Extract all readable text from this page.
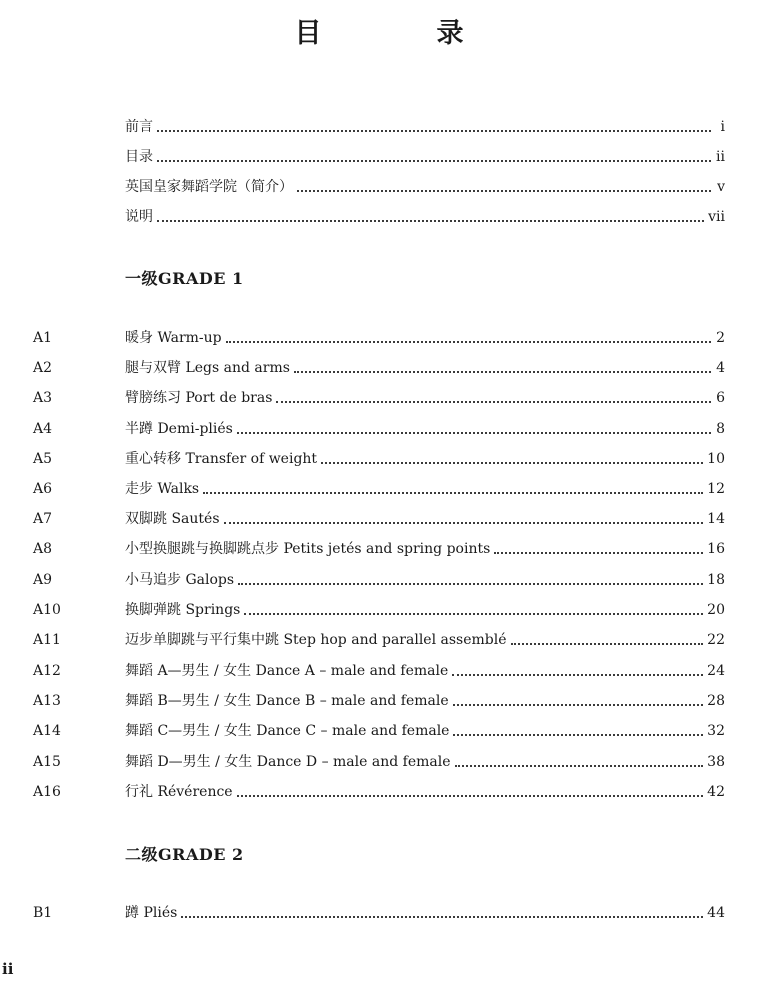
目　录
前言	i
目录	ii
英国皇家舞蹈学院（简介）	v
说明	vii
一级GRADE 1
A1	暖身 Warm-up	2
A2	腿与双臂 Legs and arms	4
A3	臂膀练习 Port de bras	6
A4	半蹲 Demi-pliés	8
A5	重心转移 Transfer of weight	10
A6	走步 Walks	12
A7	双脚跳 Sautés	14
A8	小型换腿跳与换脚跳点步 Petits jetés and spring points	16
A9	小马追步 Galops	18
A10	换脚弹跳 Springs	20
A11	迈步单脚跳与平行集中跳 Step hop and parallel assemblé	22
A12	舞蹈 A—男生 / 女生 Dance A – male and female	24
A13	舞蹈 B—男生 / 女生 Dance B – male and female	28
A14	舞蹈 C—男生 / 女生 Dance C – male and female	32
A15	舞蹈 D—男生 / 女生 Dance D – male and female	38
A16	行礼 Révérence	42
二级GRADE 2
B1	蹲 Pliés	44
ii
